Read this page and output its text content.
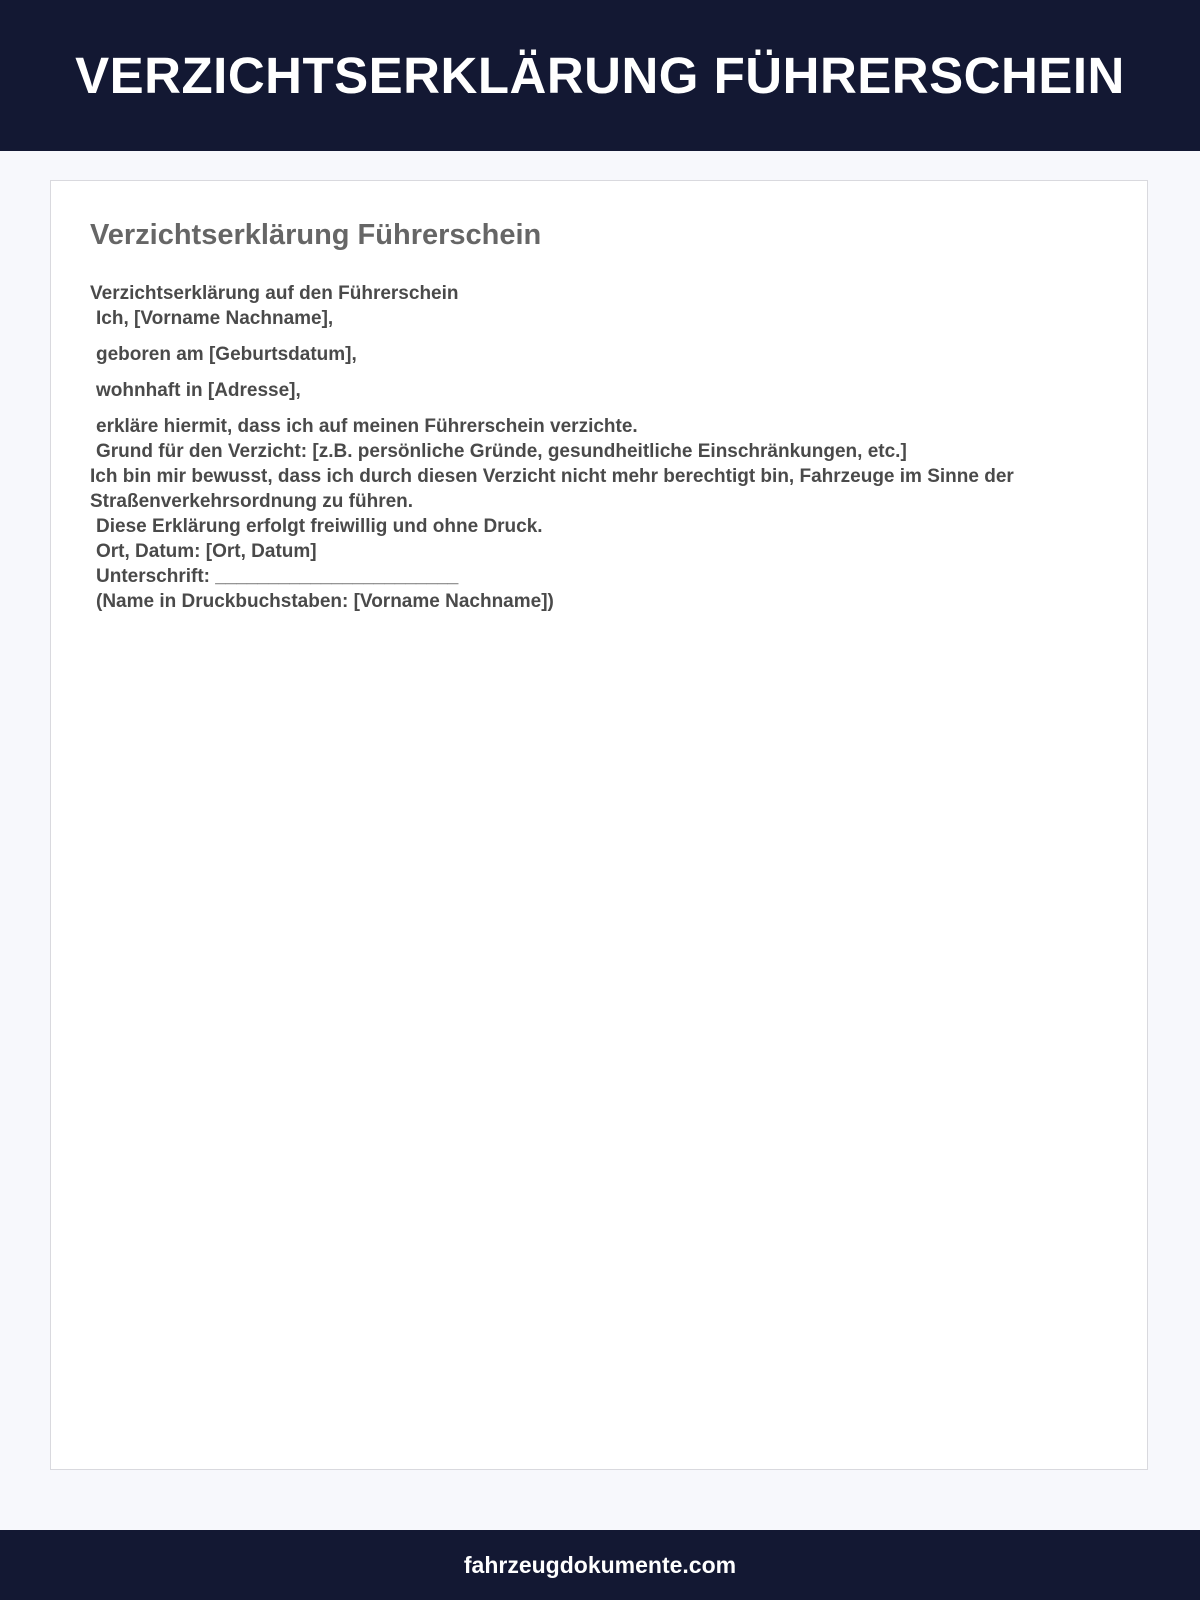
VERZICHTSERKLÄRUNG FÜHRERSCHEIN
Verzichtserklärung Führerschein
Verzichtserklärung auf den Führerschein
Ich, [Vorname Nachname],
geboren am [Geburtsdatum],
wohnhaft in [Adresse],
erkläre hiermit, dass ich auf meinen Führerschein verzichte.
Grund für den Verzicht: [z.B. persönliche Gründe, gesundheitliche Einschränkungen, etc.]
Ich bin mir bewusst, dass ich durch diesen Verzicht nicht mehr berechtigt bin, Fahrzeuge im Sinne der Straßenverkehrsordnung zu führen.
Diese Erklärung erfolgt freiwillig und ohne Druck.
Ort, Datum: [Ort, Datum]
Unterschrift: _______________________
(Name in Druckbuchstaben: [Vorname Nachname])
fahrzeugdokumente.com
